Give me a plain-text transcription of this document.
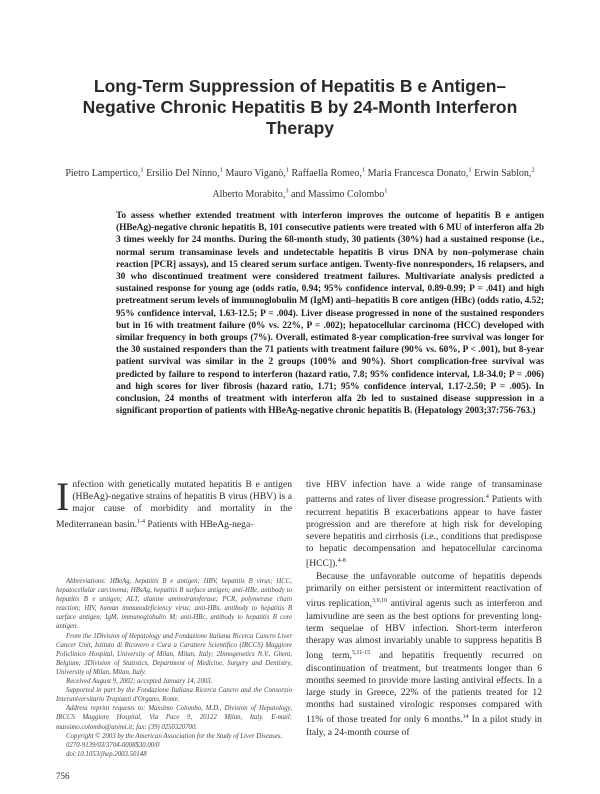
Long-Term Suppression of Hepatitis B e Antigen–Negative Chronic Hepatitis B by 24-Month Interferon Therapy
Pietro Lampertico,$^1$ Ersilio Del Ninno,$^1$ Mauro Viganò,$^1$ Raffaella Romeo,$^1$ Maria Francesca Donato,$^1$ Erwin Sablon,$^2$
Alberto Morabito,$^3$ and Massimo Colombo$^1$
To assess whether extended treatment with interferon improves the outcome of hepatitis B e antigen (HBeAg)-negative chronic hepatitis B, 101 consecutive patients were treated with 6 MU of interferon alfa 2b 3 times weekly for 24 months. During the 68-month study, 30 patients (30%) had a sustained response (i.e., normal serum transaminase levels and undetectable hepatitis B virus DNA by non–polymerase chain reaction [PCR] assays), and 15 cleared serum surface antigen. Twenty-five nonresponders, 16 relapsers, and 30 who discontinued treatment were considered treatment failures. Multivariate analysis predicted a sustained response for young age (odds ratio, 0.94; 95% confidence interval, 0.89-0.99; P = .041) and high pretreatment serum levels of immunoglobulin M (IgM) anti–hepatitis B core antigen (HBc) (odds ratio, 4.52; 95% confidence interval, 1.63-12.5; P = .004). Liver disease progressed in none of the sustained responders but in 16 with treatment failure (0% vs. 22%, P = .002); hepatocellular carcinoma (HCC) developed with similar frequency in both groups (7%). Overall, estimated 8-year complication-free survival was longer for the 30 sustained responders than the 71 patients with treatment failure (90% vs. 60%, P < .001), but 8-year patient survival was similar in the 2 groups (100% and 90%). Short complication-free survival was predicted by failure to respond to interferon (hazard ratio, 7.8; 95% confidence interval, 1.8-34.0; P = .006) and high scores for liver fibrosis (hazard ratio, 1.71; 95% confidence interval, 1.17-2.50; P = .005). In conclusion, 24 months of treatment with interferon alfa 2b led to sustained disease suppression in a significant proportion of patients with HBeAg-negative chronic hepatitis B. (Hepatology 2003;37:756-763.)
Infection with genetically mutated hepatitis B e antigen (HBeAg)-negative strains of hepatitis B virus (HBV) is a major cause of morbidity and mortality in the Mediterranean basin.$^{1-4}$ Patients with HBeAg-nega-

tive HBV infection have a wide range of transaminase patterns and rates of liver disease progression.$^4$ Patients with recurrent hepatitis B exacerbations appear to have faster progression and are therefore at high risk for developing severe hepatitis and cirrhosis (i.e., conditions that predispose to hepatic decompensation and hepatocellular carcinoma [HCC]).$^{4-8}$

Because the unfavorable outcome of hepatitis depends primarily on either persistent or intermittent reactivation of virus replication,$^{3,9,10}$ antiviral agents such as interferon and lamivudine are seen as the best options for preventing long-term sequelae of HBV infection. Short-term interferon therapy was almost invariably unable to suppress hepatitis B long term,$^{5,11-15}$ and hepatitis frequently recurred on discontinuation of treatment, but treatments longer than 6 months seemed to provide more lasting antiviral effects. In a large study in Greece, 22% of the patients treated for 12 months had sustained virologic responses compared with 11% of those treated for only 6 months.$^{14}$ In a pilot study in Italy, a 24-month course of

Abbreviations: HBeAg, hepatitis B e antigen; HBV, hepatitis B virus; HCC, hepatocellular carcinoma; HBsAg, hepatitis B surface antigen; anti-HBe, antibody to hepatitis B e antigen; ALT, alanine aminotransferase; PCR, polymerase chain reaction; HIV, human immunodeficiency virus; anti-HBs, antibody to hepatitis B surface antigen; IgM, immunoglobulin M; anti-HBc, antibody to hepatitis B core antigen.
From the 1Division of Hepatology and Fondazione Italiana Ricerca Cancro Liver Cancer Unit, Istituto di Ricovero e Cura a Carattere Scientifico (IRCCS) Maggiore Policlinico Hospital, University of Milan, Milan, Italy; 2Innogenetics N.V., Ghent, Belgium; 3Division of Statistics, Department of Medicine, Surgery and Dentistry, University of Milan, Milan, Italy.
Received August 9, 2002; accepted January 14, 2003.
Supported in part by the Fondazione Italiana Ricerca Cancro and the Consorzio Interuniversitario Trapianti d'Organo, Rome.
Address reprint requests to: Massimo Colombo, M.D., Division of Hepatology, IRCCS Maggiore Hospital, Via Pace 9, 20122 Milan, Italy. E-mail: massimo.colombo@unimi.it; fax: (39) 0250320700.
Copyright © 2003 by the American Association for the Study of Liver Diseases.
0270-9139/03/3704-0008$30.00/0
doi:10.1053/jhep.2003.50148
756
